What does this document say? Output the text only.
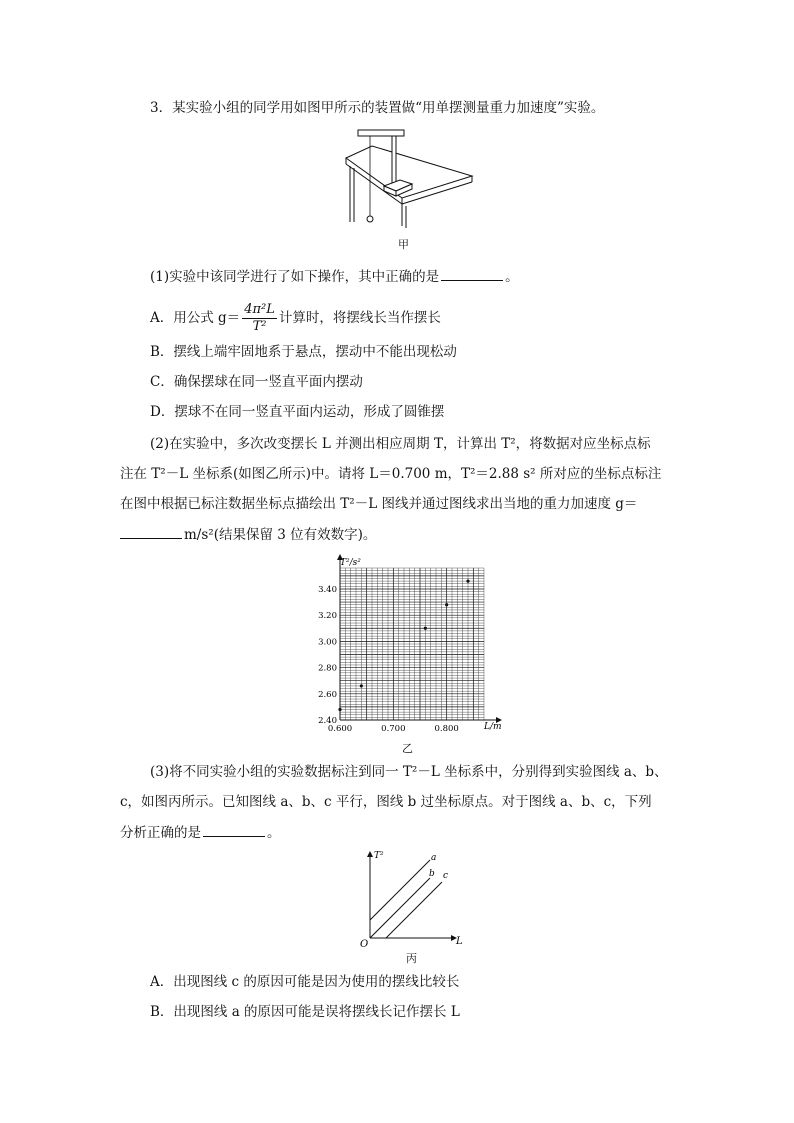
3．某实验小组的同学用如图甲所示的装置做“用单摆测量重力加速度”实验。
甲
(1)实验中该同学进行了如下操作，其中正确的是	。
A．用公式 $g= \frac{\text{4π²L}}{\text{T²}}$ 计算时，将摆线长当作摆长
B．摆线上端牢固地系于悬点，摆动中不能出现松动
C．确保摆球在同一竖直平面内摆动
D．摆球不在同一竖直平面内运动，形成了圆锥摆
(2)在实验中，多次改变摆长 L 并测出相应周期 T，计算出 T²，将数据对应坐标点标
注在 T²－L 坐标系(如图乙所示)中。请将 L＝0.700 m，T²＝2.88 s² 所对应的坐标点标注
在图中根据已标注数据坐标点描绘出 T²－L 图线并通过图线求出当地的重力加速度 g＝
m/s²(结果保留 3 位有效数字)。
0.600	0.700	0.800
2.40
2.60
2.80
3.00
3.20
3.40
T²/s²
L/m
乙
(3)将不同实验小组的实验数据标注到同一 T²－L 坐标系中，分别得到实验图线 a、b、
c，如图丙所示。已知图线 a、b、c 平行，图线 b 过坐标原点。对于图线 a、b、c，下列
分析正确的是	。
T²
L
O
a
b c
丙
A．出现图线 c 的原因可能是因为使用的摆线比较长
B．出现图线 a 的原因可能是误将摆线长记作摆长 L
